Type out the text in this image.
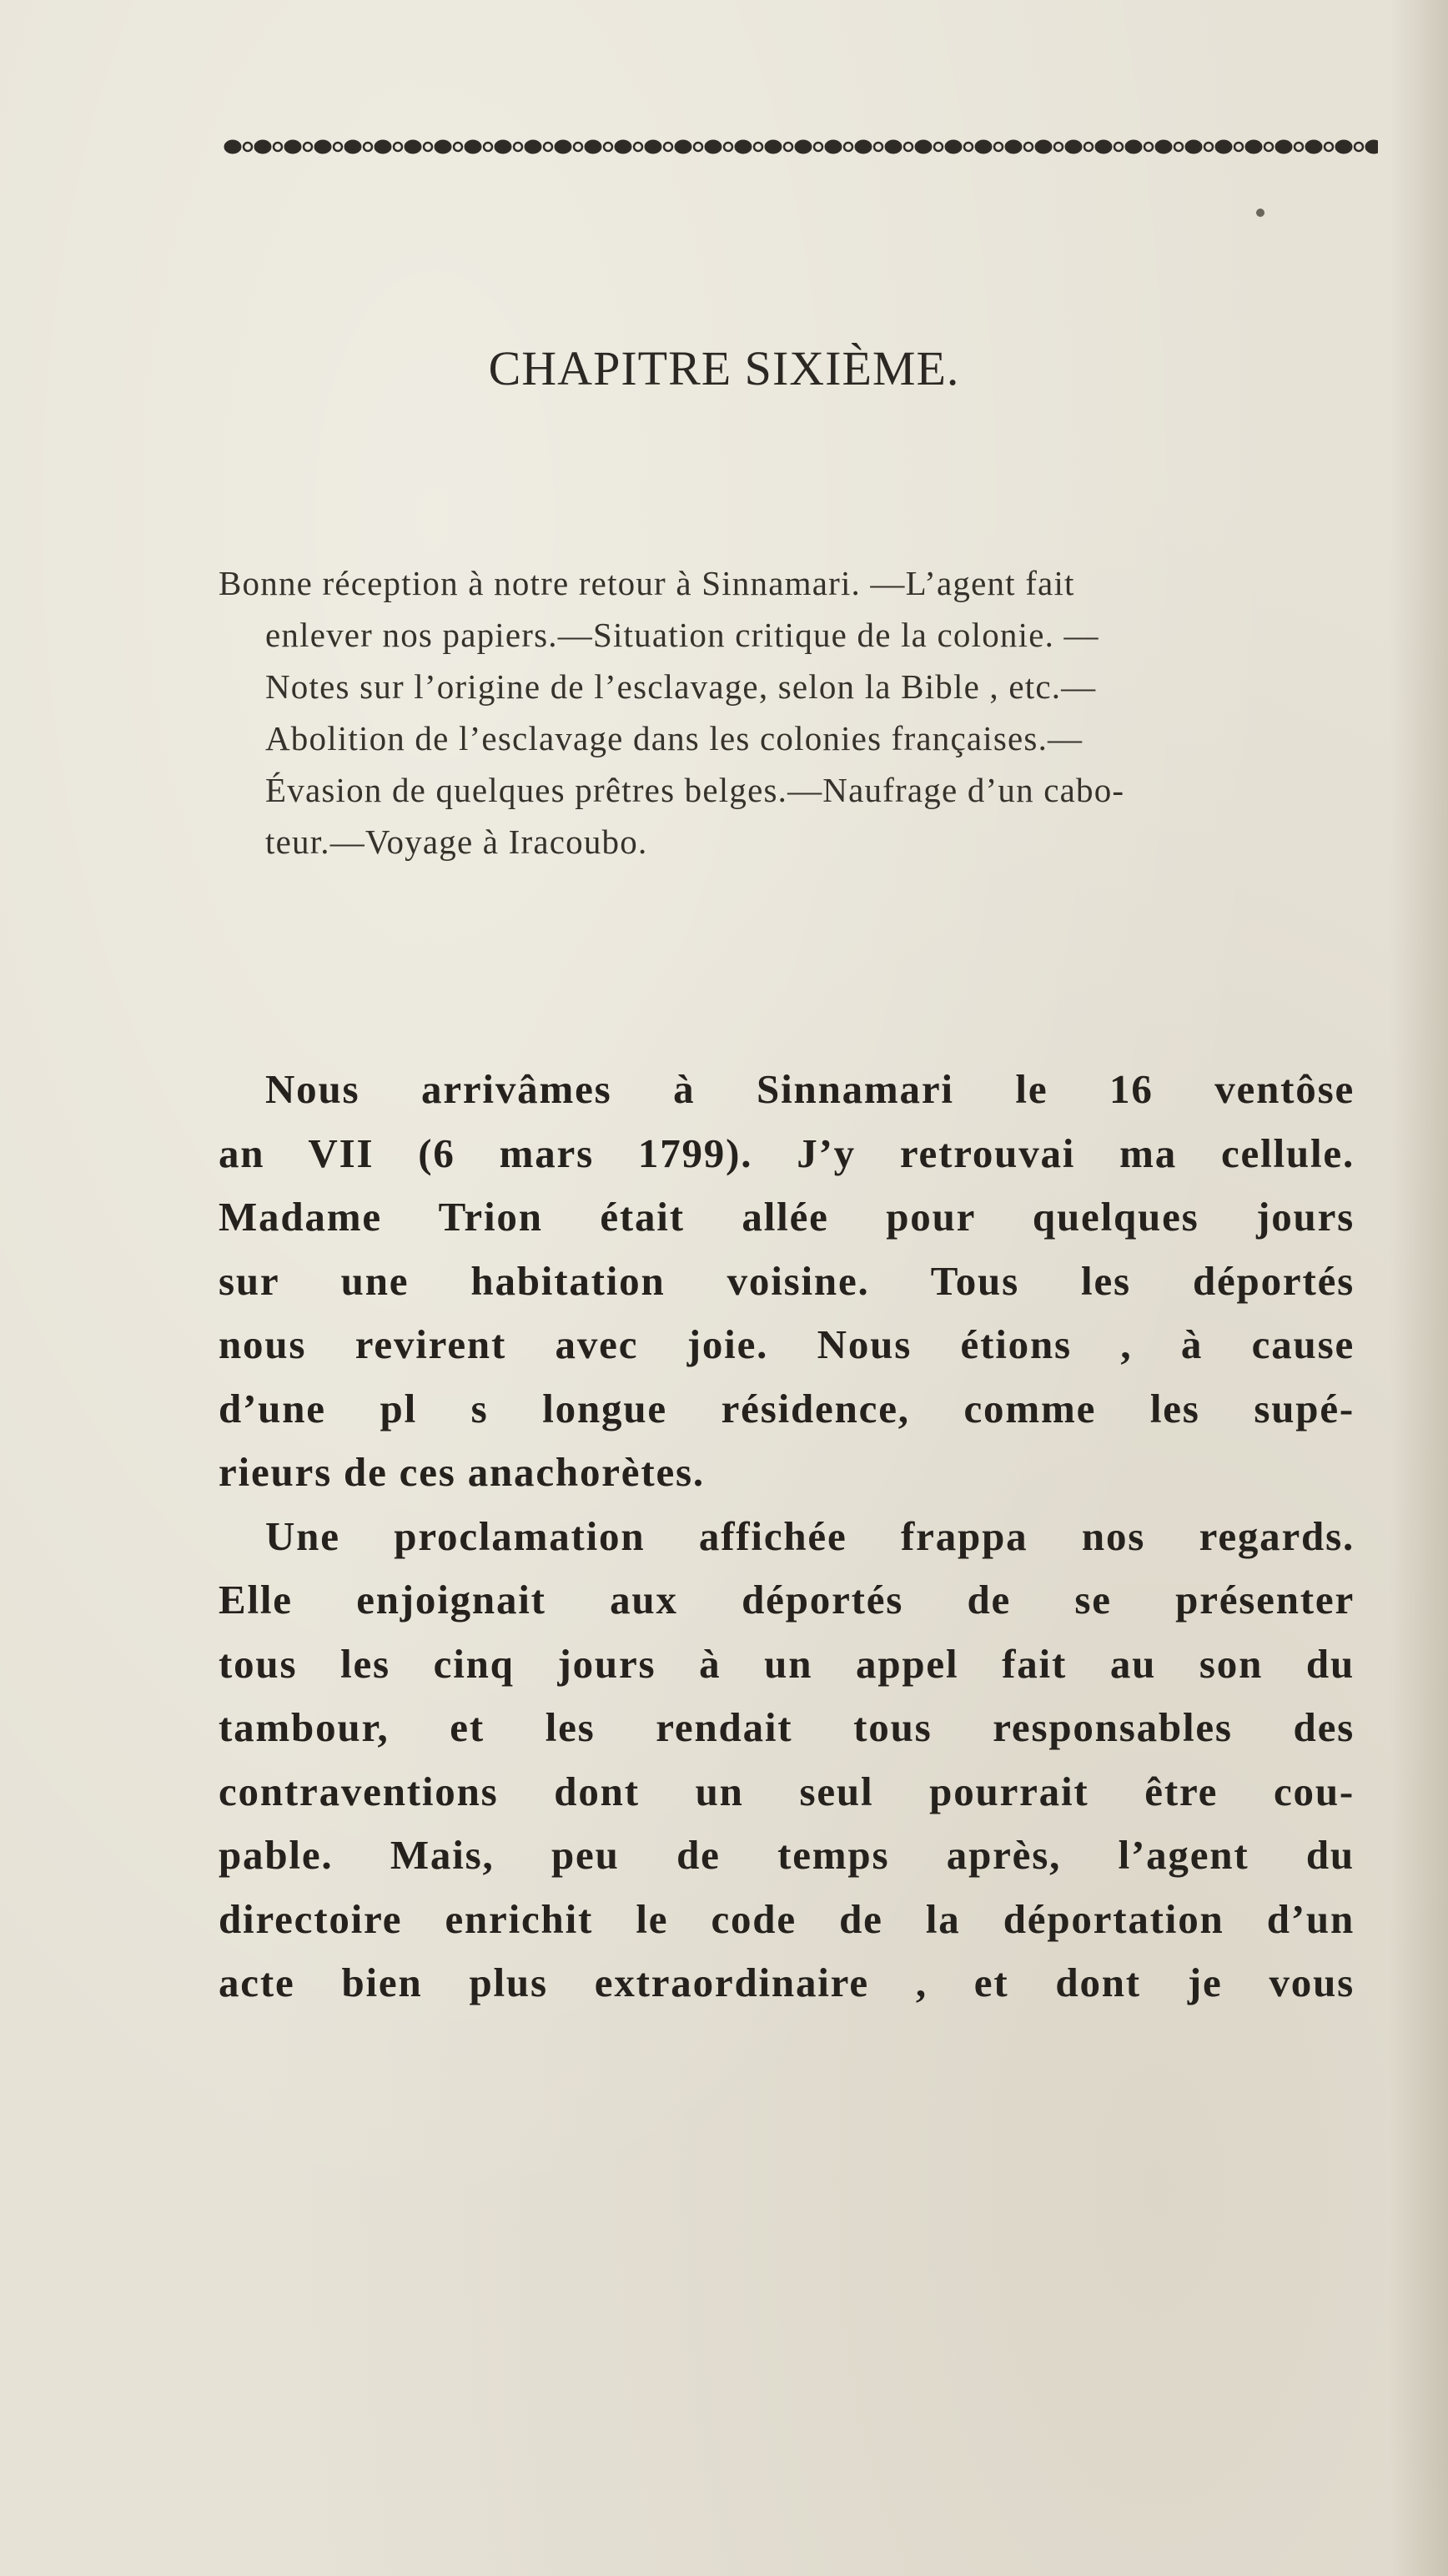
CHAPITRE SIXIÈME.
Bonne réception à notre retour à Sinnamari. —L’agent fait
enlever nos papiers.—Situation critique de la colonie. —
Notes sur l’origine de l’esclavage, selon la Bible , etc.—
Abolition de l’esclavage dans les colonies françaises.—
Évasion de quelques prêtres belges.—Naufrage d’un cabo-
teur.—Voyage à Iracoubo.
Nous arrivâmes à Sinnamari le 16 ventôse
an VII (6 mars 1799). J’y retrouvai ma cellule.
Madame Trion était allée pour quelques jours
sur une habitation voisine. Tous les déportés
nous revirent avec joie. Nous étions , à cause
d’une pl s longue résidence, comme les supé-
rieurs de ces anachorètes.
Une proclamation affichée frappa nos regards.
Elle enjoignait aux déportés de se présenter
tous les cinq jours à un appel fait au son du
tambour, et les rendait tous responsables des
contraventions dont un seul pourrait être cou-
pable. Mais, peu de temps après, l’agent du
directoire enrichit le code de la déportation d’un
acte bien plus extraordinaire , et dont je vous
